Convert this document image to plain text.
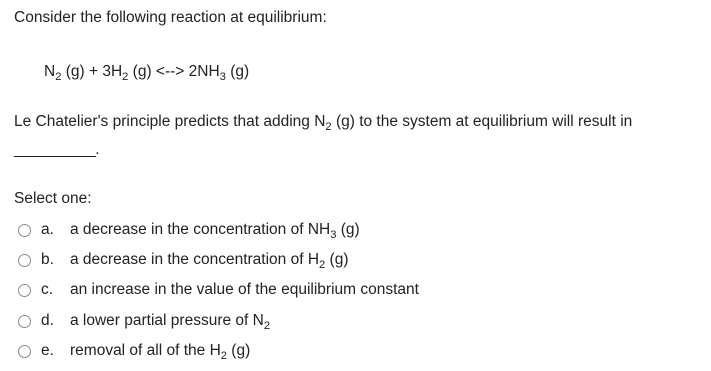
Consider the following reaction at equilibrium:
$N_2$ $(g) + 3H_2$ (g) <--> $2NH_3$ (g)
Le Chatelier's principle predicts that adding $N_2$ (g) to the system at equilibrium will result in
__________.
Select one:
a.	a decrease in the concentration of $NH_3$ (g)
b.	a decrease in the concentration of $H_2$ (g)
c.	an increase in the value of the equilibrium constant
d.	a lower partial pressure of $N_2$
e.	removal of all of the $H_2$ (g)
